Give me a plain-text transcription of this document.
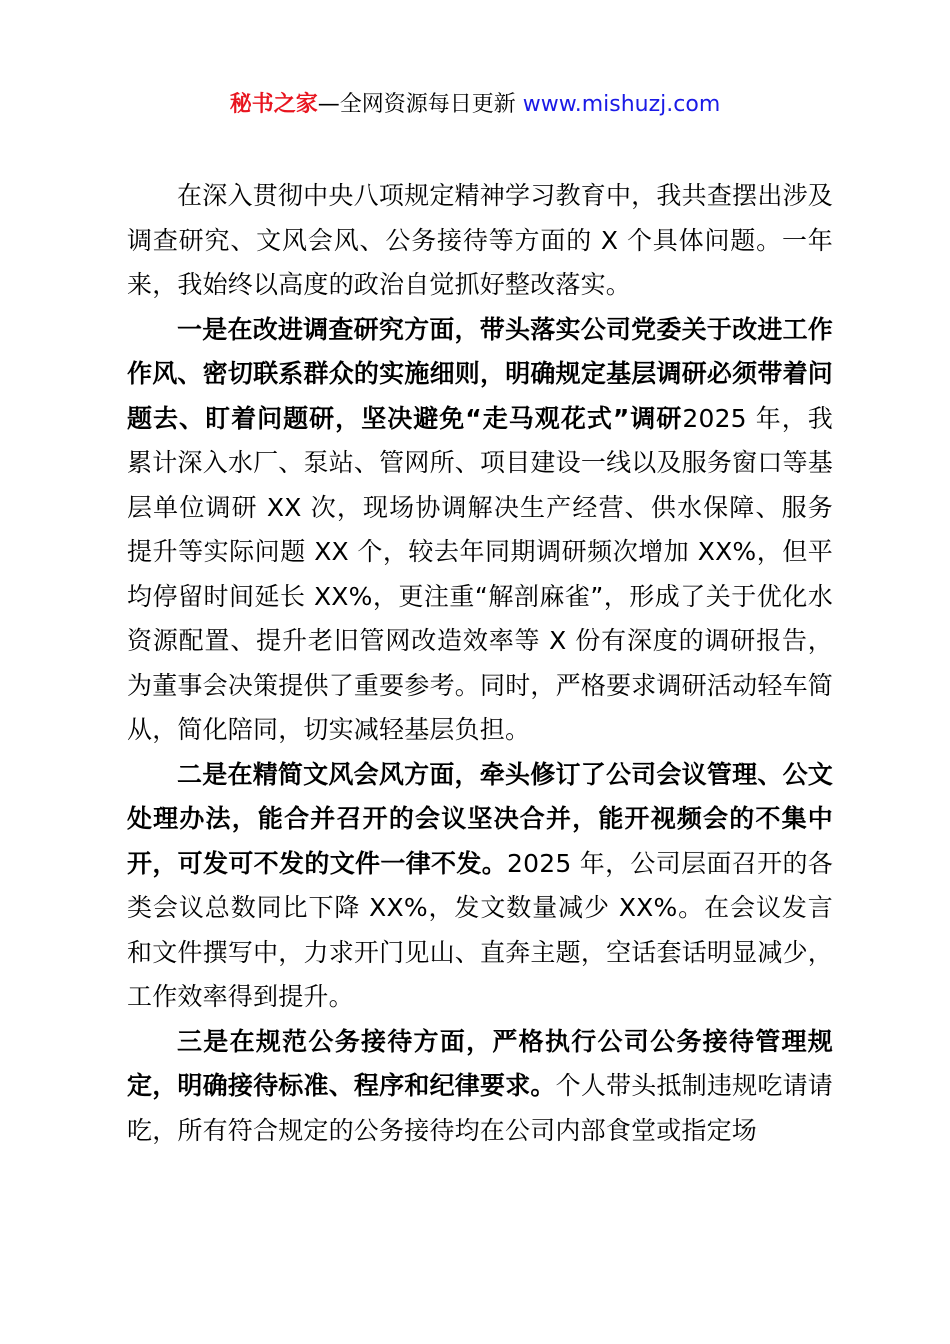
秘书之家—全网资源每日更新 www.mishuzj.com

在深入贯彻中央八项规定精神学习教育中，我共查摆出涉及调查研究、文风会风、公务接待等方面的 X 个具体问题。一年来，我始终以高度的政治自觉抓好整改落实。

一是在改进调查研究方面，带头落实公司党委关于改进工作作风、密切联系群众的实施细则，明确规定基层调研必须带着问题去、盯着问题研，坚决避免“走马观花式”调研2025 年，我累计深入水厂、泵站、管网所、项目建设一线以及服务窗口等基层单位调研 XX 次，现场协调解决生产经营、供水保障、服务提升等实际问题 XX 个，较去年同期调研频次增加 XX%，但平均停留时间延长 XX%，更注重“解剖麻雀”，形成了关于优化水资源配置、提升老旧管网改造效率等 X 份有深度的调研报告，为董事会决策提供了重要参考。同时，严格要求调研活动轻车简从，简化陪同，切实减轻基层负担。

二是在精简文风会风方面，牵头修订了公司会议管理、公文处理办法，能合并召开的会议坚决合并，能开视频会的不集中开，可发可不发的文件一律不发。2025 年，公司层面召开的各类会议总数同比下降 XX%，发文数量减少 XX%。在会议发言和文件撰写中，力求开门见山、直奔主题，空话套话明显减少，工作效率得到提升。

三是在规范公务接待方面，严格执行公司公务接待管理规定，明确接待标准、程序和纪律要求。个人带头抵制违规吃请请吃，所有符合规定的公务接待均在公司内部食堂或指定场
